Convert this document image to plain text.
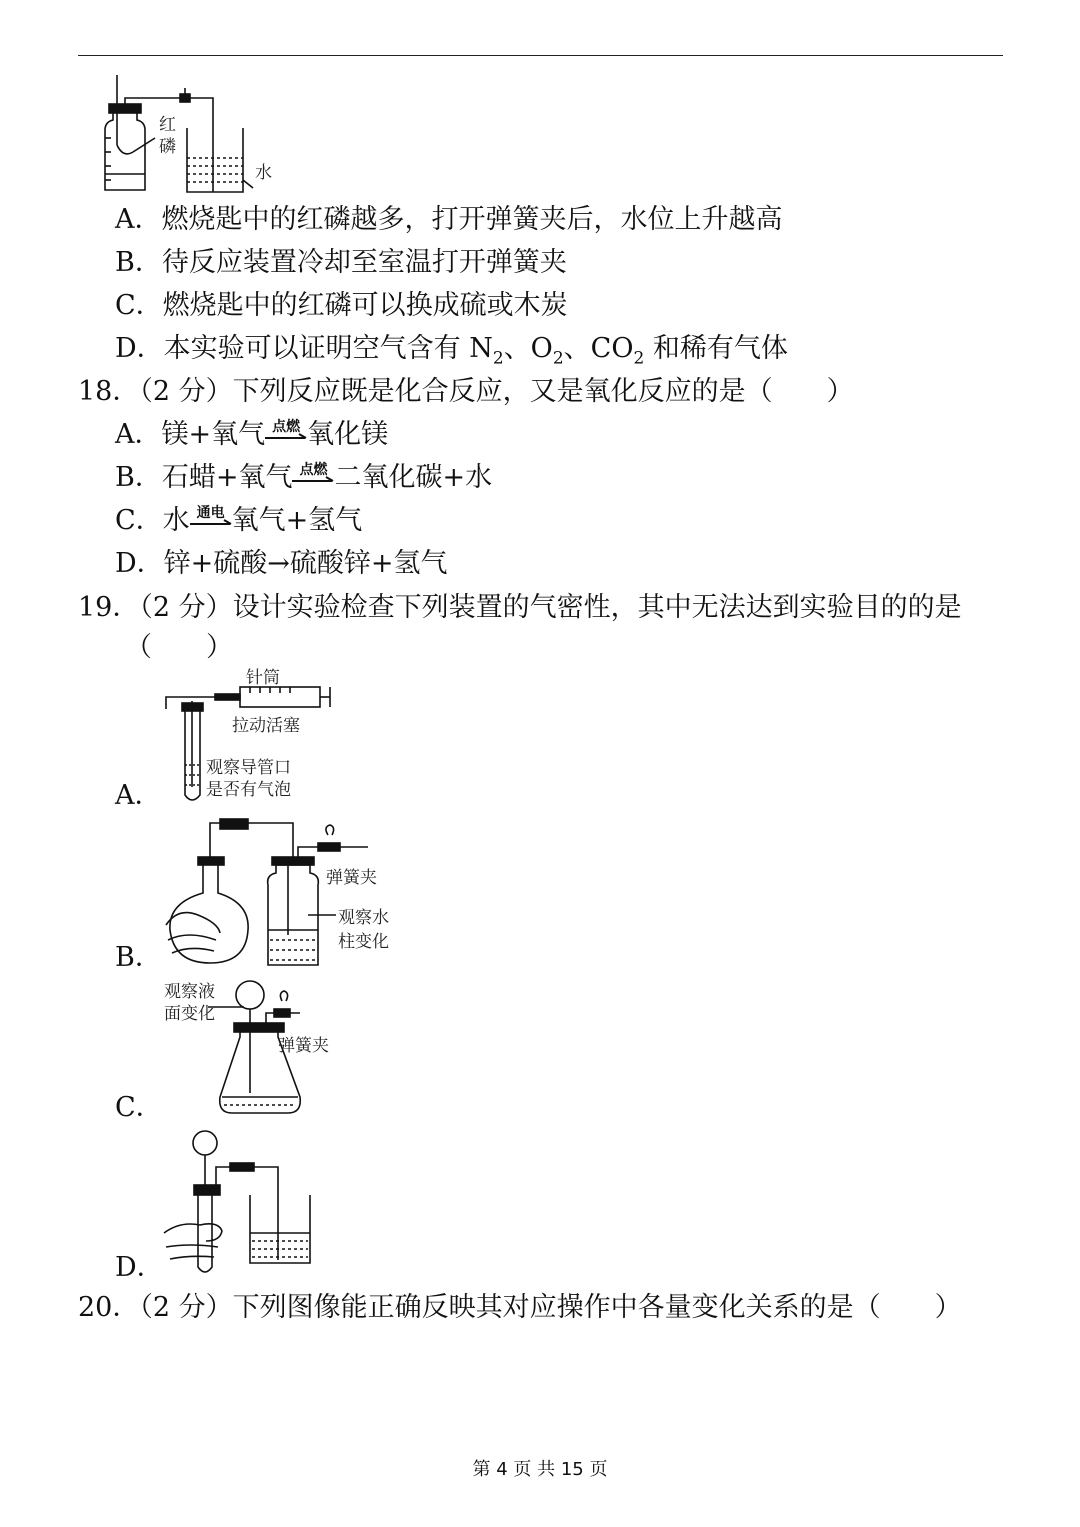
红
磷
水
A．燃烧匙中的红磷越多，打开弹簧夹后，水位上升越高
B．待反应装置冷却至室温打开弹簧夹
C．燃烧匙中的红磷可以换成硫或木炭
D．本实验可以证明空气含有 $N_2$、$O_2$、$CO_2$ 和稀有气体
18．（2 分）下列反应既是化合反应，又是氧化反应的是（　　）
A．镁+氧气 点燃 氧化镁
B．石蜡+氧气 点燃 二氧化碳+水
C．水 通电 氧气+氢气
D．锌+硫酸→硫酸锌+氢气
19．（2 分）设计实验检查下列装置的气密性，其中无法达到实验目的的是
（　　）
A．
针筒
拉动活塞
观察导管口
是否有气泡
B．
弹簧夹
观察水
柱变化
C．
观察液
面变化
弹簧夹
D．
20．（2 分）下列图像能正确反映其对应操作中各量变化关系的是（　　）
第 4 页 共 15 页
